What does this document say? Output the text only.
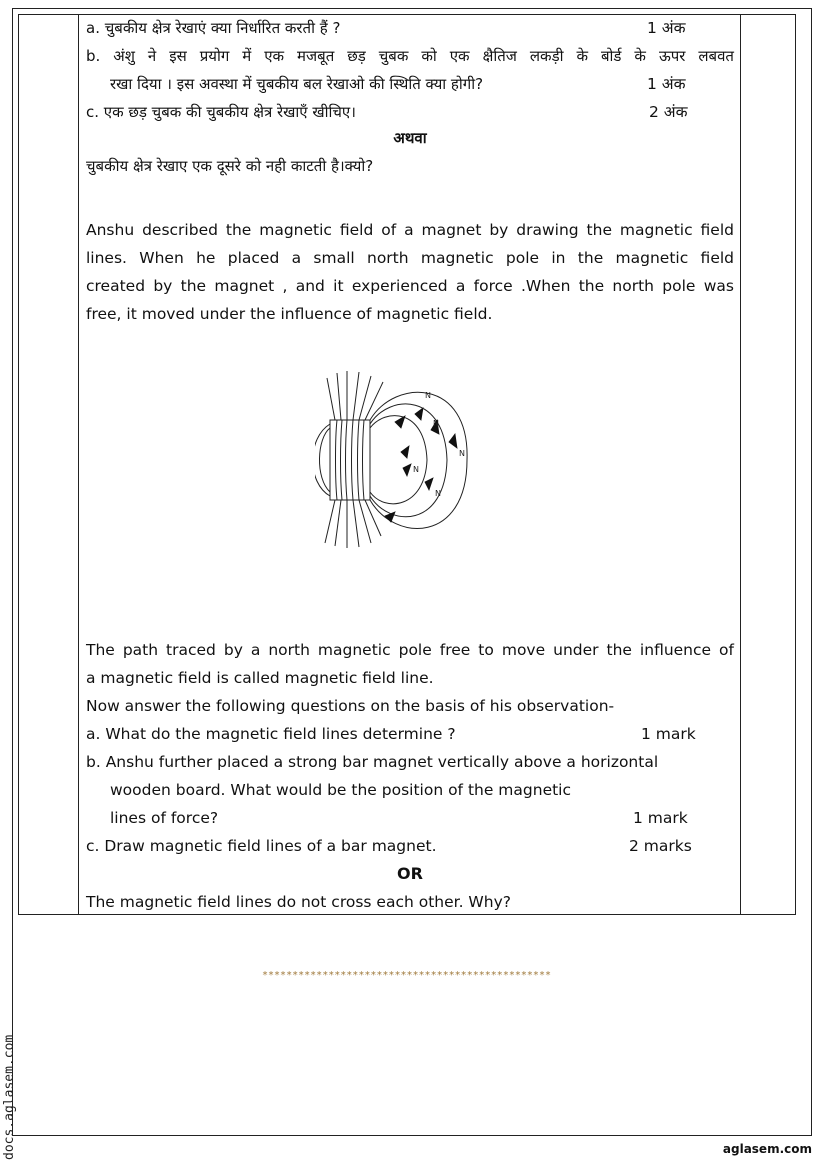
a. चुबकीय क्षेत्र रेखाएं क्या निर्धारित करती हैं ?	1 अंक
b. अंशु ने इस प्रयोग में एक मजबूत छड़ चुबक को एक क्षैतिज लकड़ी के बोर्ड के ऊपर लबवत
रखा दिया । इस अवस्था में चुबकीय बल रेखाओ की स्थिति क्या होगी?	1 अंक
c. एक छड़ चुबक की चुबकीय क्षेत्र रेखाएँ खीचिए।	2 अंक
अथवा
चुबकीय क्षेत्र रेखाए एक दूसरे को नही काटती है।क्यो?
Anshu described the magnetic field of a magnet by drawing the magnetic field
lines. When he placed a small north magnetic pole in the magnetic field
created by the magnet , and it experienced a force .When the north pole was
free, it moved under the influence of magnetic field.
The path traced by a north magnetic pole free to move under the influence of
a magnetic field is called magnetic field line.
Now answer the following questions on the basis of his observation-
a. What do the magnetic field lines determine ?	1 mark
b. Anshu further placed a strong bar magnet vertically above a horizontal
wooden board. What would be the position of the magnetic
lines of force?	1 mark
c. Draw magnetic field lines of a bar magnet.	2 marks
OR
The magnetic field lines do not cross each other. Why?
N
N
N
N
N
************************************************
docs.aglasem.com	aglasem.com
